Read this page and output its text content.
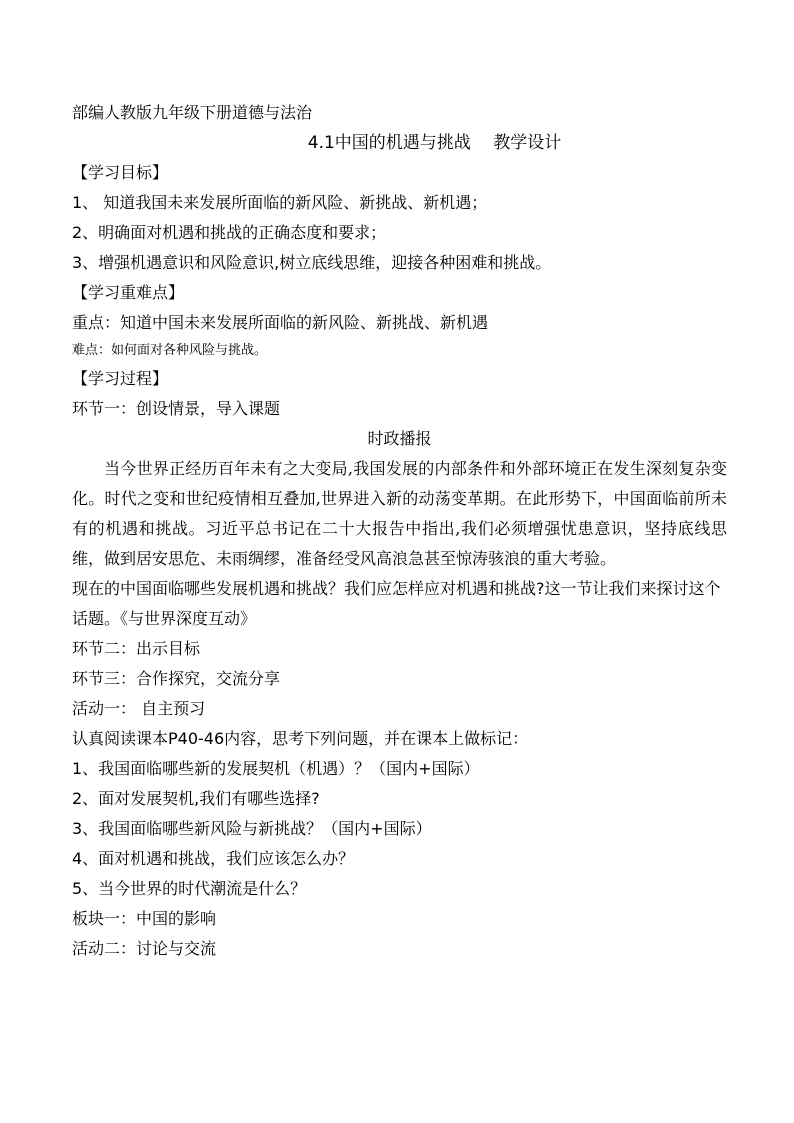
部编人教版九年级下册道德与法治
4.1中国的机遇与挑战　 教学设计
【学习目标】
1、 知道我国未来发展所面临的新风险、新挑战、新机遇；
2、明确面对机遇和挑战的正确态度和要求；
3、增强机遇意识和风险意识,树立底线思维，迎接各种困难和挑战。
【学习重难点】
重点：知道中国未来发展所面临的新风险、新挑战、新机遇
难点：如何面对各种风险与挑战。
【学习过程】
环节一：创设情景，导入课题
时政播报

当今世界正经历百年未有之大变局,我国发展的内部条件和外部环境正在发生深刻复杂变化。时代之变和世纪疫情相互叠加,世界进入新的动荡变革期。在此形势下，中国面临前所未有的机遇和挑战。习近平总书记在二十大报告中指出,我们必须增强忧患意识，坚持底线思维，做到居安思危、未雨绸缪，准备经受风高浪急甚至惊涛骇浪的重大考验。

现在的中国面临哪些发展机遇和挑战？我们应怎样应对机遇和挑战?这一节让我们来探讨这个话题。《与世界深度互动》

环节二：出示目标
环节三：合作探究，交流分享
活动一： 自主预习
认真阅读课本P40-46内容，思考下列问题，并在课本上做标记：
1、我国面临哪些新的发展契机（机遇）？（国内+国际）
2、面对发展契机,我们有哪些选择?
3、我国面临哪些新风险与新挑战？（国内+国际）
4、面对机遇和挑战，我们应该怎么办？
5、当今世界的时代潮流是什么？
板块一：中国的影响
活动二：讨论与交流
